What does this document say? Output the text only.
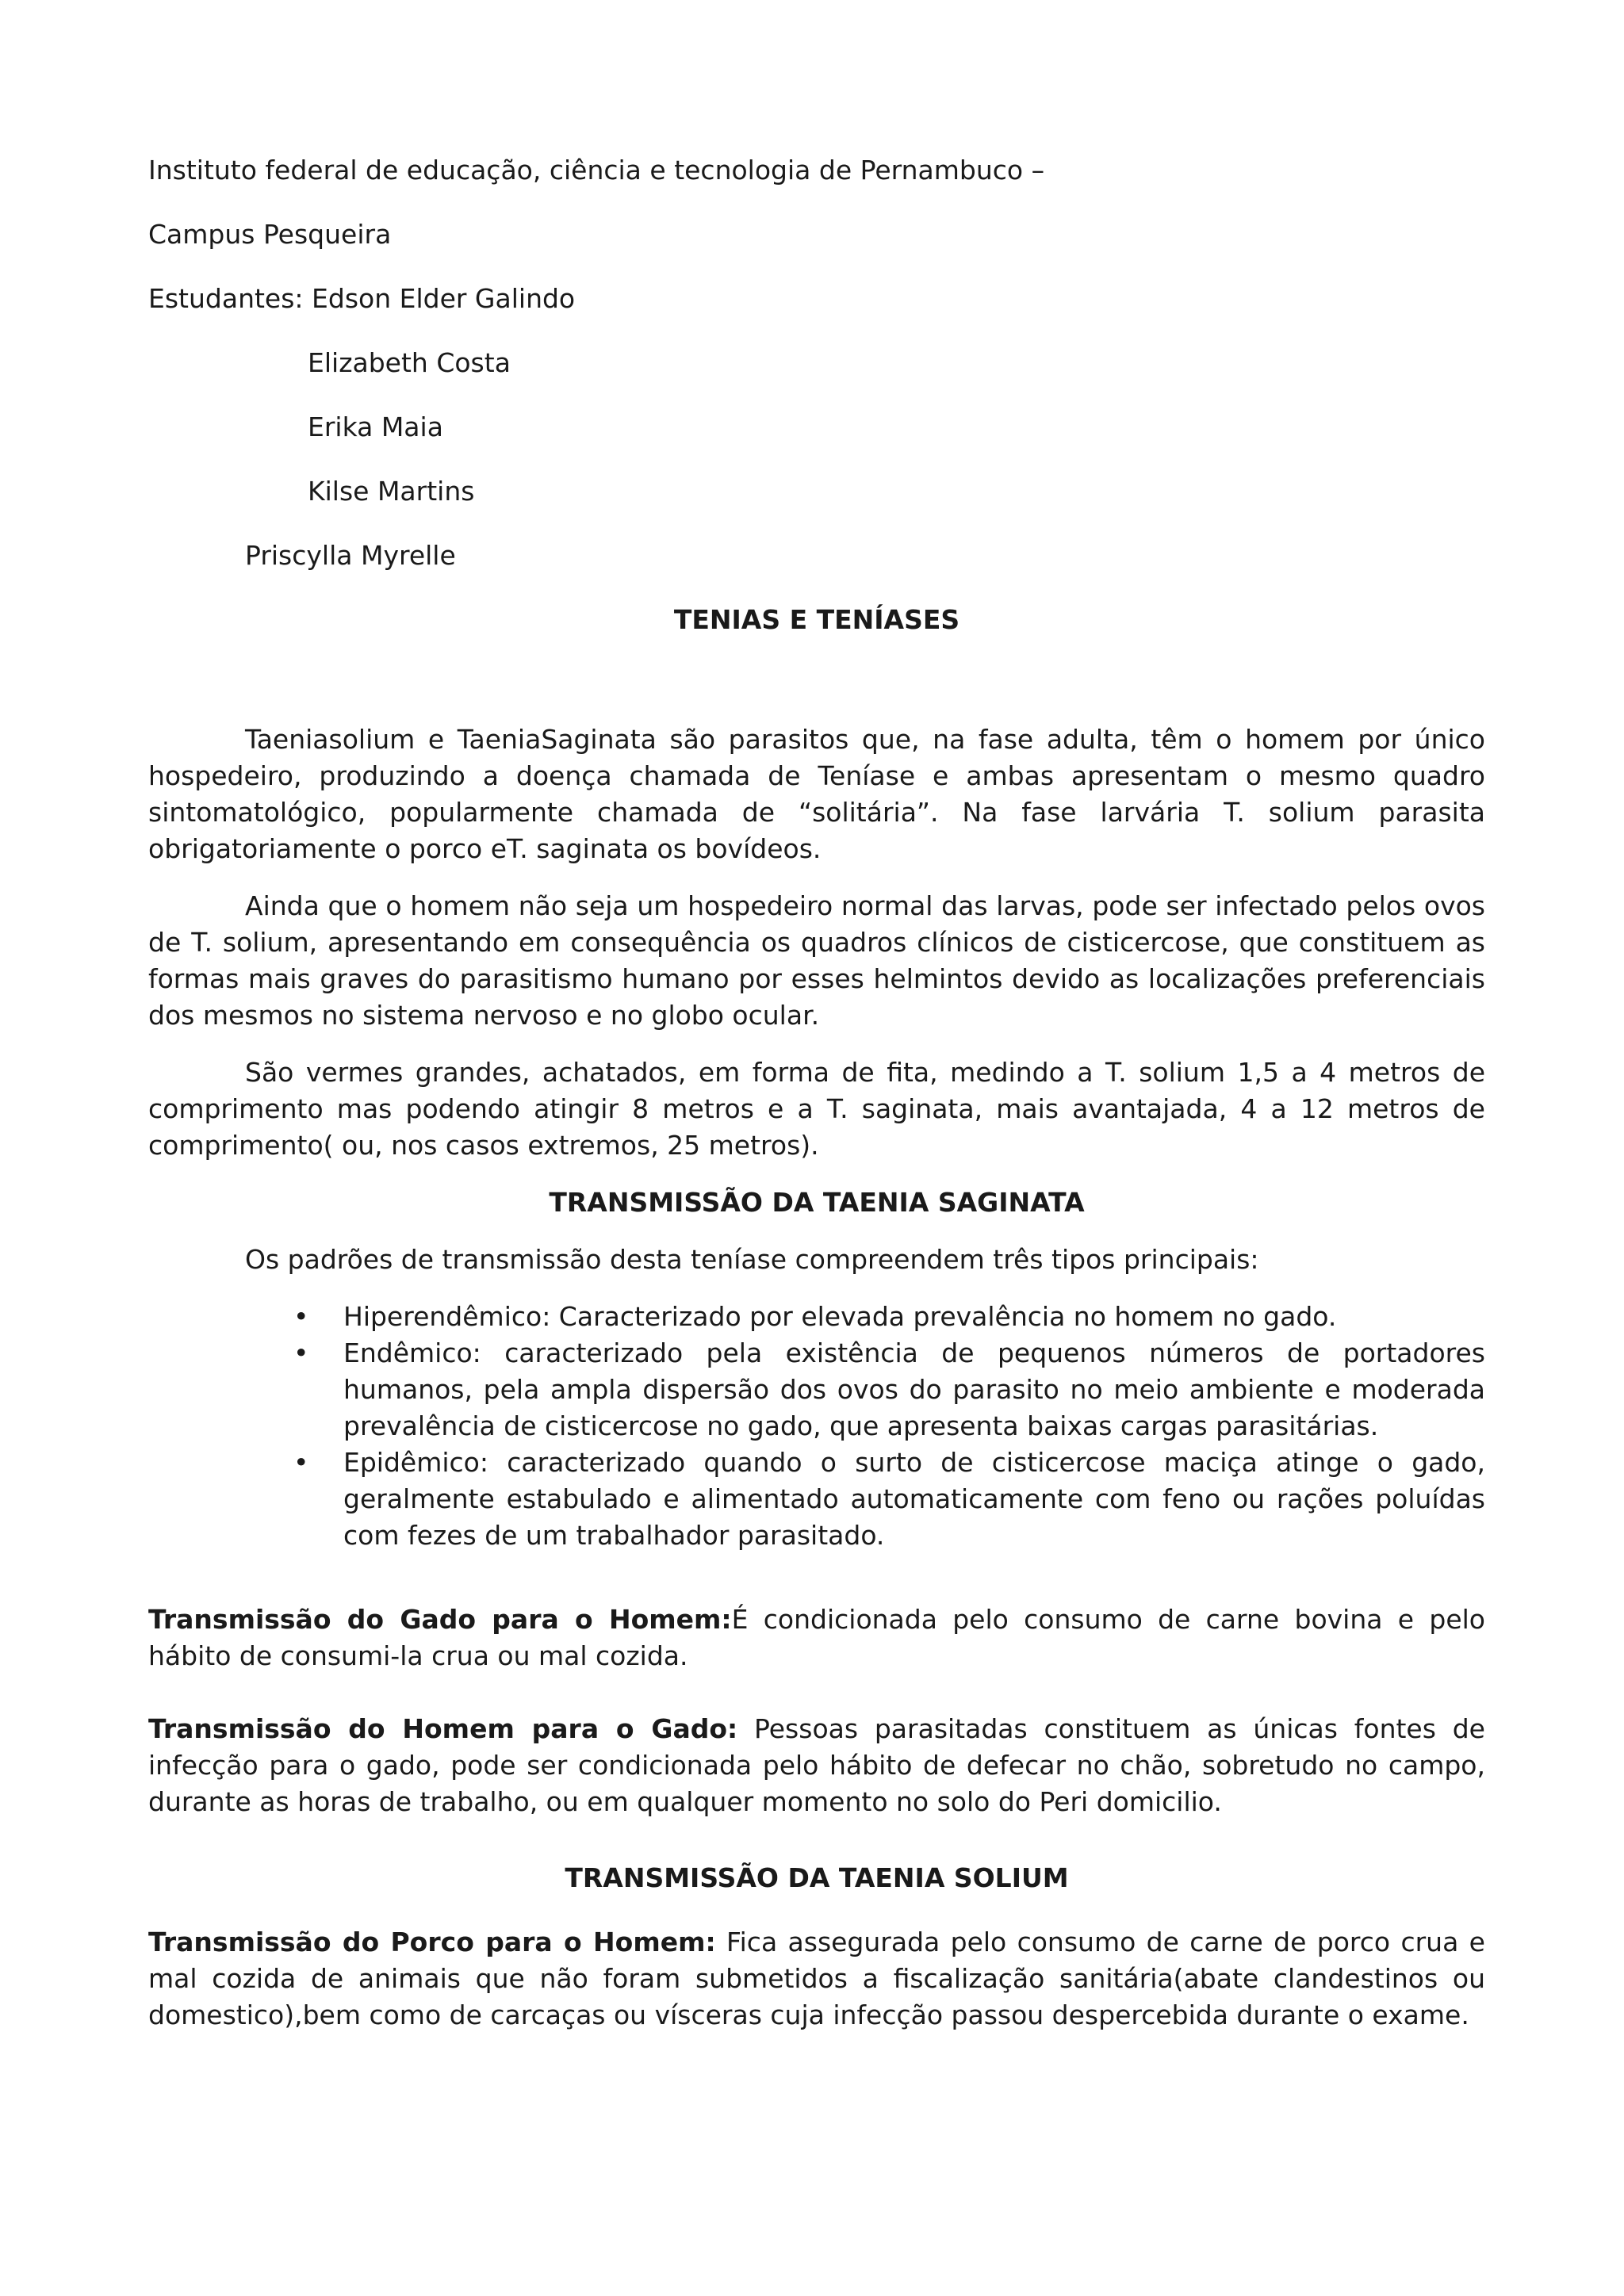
Instituto federal de educação, ciência e tecnologia de Pernambuco –
Campus Pesqueira
Estudantes: Edson Elder Galindo
Elizabeth Costa
Erika Maia
Kilse Martins
Priscylla Myrelle
TENIAS E TENÍASES

Taeniasolium e TaeniaSaginata são parasitos que, na fase adulta, têm o homem por único hospedeiro, produzindo a doença chamada de Teníase e ambas apresentam o mesmo quadro sintomatológico, popularmente chamada de “solitária”. Na fase larvária T. solium parasita obrigatoriamente o porco eT. saginata os bovídeos.

Ainda que o homem não seja um hospedeiro normal das larvas, pode ser infectado pelos ovos de T. solium, apresentando em consequência os quadros clínicos de cisticercose, que constituem as formas mais graves do parasitismo humano por esses helmintos devido as localizações preferenciais dos mesmos no sistema nervoso e no globo ocular.

São vermes grandes, achatados, em forma de fita, medindo a T. solium 1,5 a 4 metros de comprimento mas podendo atingir 8 metros e a T. saginata, mais avantajada, 4 a 12 metros de comprimento( ou, nos casos extremos, 25 metros).

TRANSMISSÃO DA TAENIA SAGINATA
Os padrões de transmissão desta teníase compreendem três tipos principais:
• Hiperendêmico: Caracterizado por elevada prevalência no homem no gado.
• Endêmico: caracterizado pela existência de pequenos números de portadores humanos, pela ampla dispersão dos ovos do parasito no meio ambiente e moderada prevalência de cisticercose no gado, que apresenta baixas cargas parasitárias.
• Epidêmico: caracterizado quando o surto de cisticercose maciça atinge o gado, geralmente estabulado e alimentado automaticamente com feno ou rações poluídas com fezes de um trabalhador parasitado.

Transmissão do Gado para o Homem:É condicionada pelo consumo de carne bovina e pelo hábito de consumi-la crua ou mal cozida.

Transmissão do Homem para o Gado: Pessoas parasitadas constituem as únicas fontes de infecção para o gado, pode ser condicionada pelo hábito de defecar no chão, sobretudo no campo, durante as horas de trabalho, ou em qualquer momento no solo do Peri domicilio.

TRANSMISSÃO DA TAENIA SOLIUM

Transmissão do Porco para o Homem: Fica assegurada pelo consumo de carne de porco crua e mal cozida de animais que não foram submetidos a fiscalização sanitária(abate clandestinos ou domestico),bem como de carcaças ou vísceras cuja infecção passou despercebida durante o exame.
